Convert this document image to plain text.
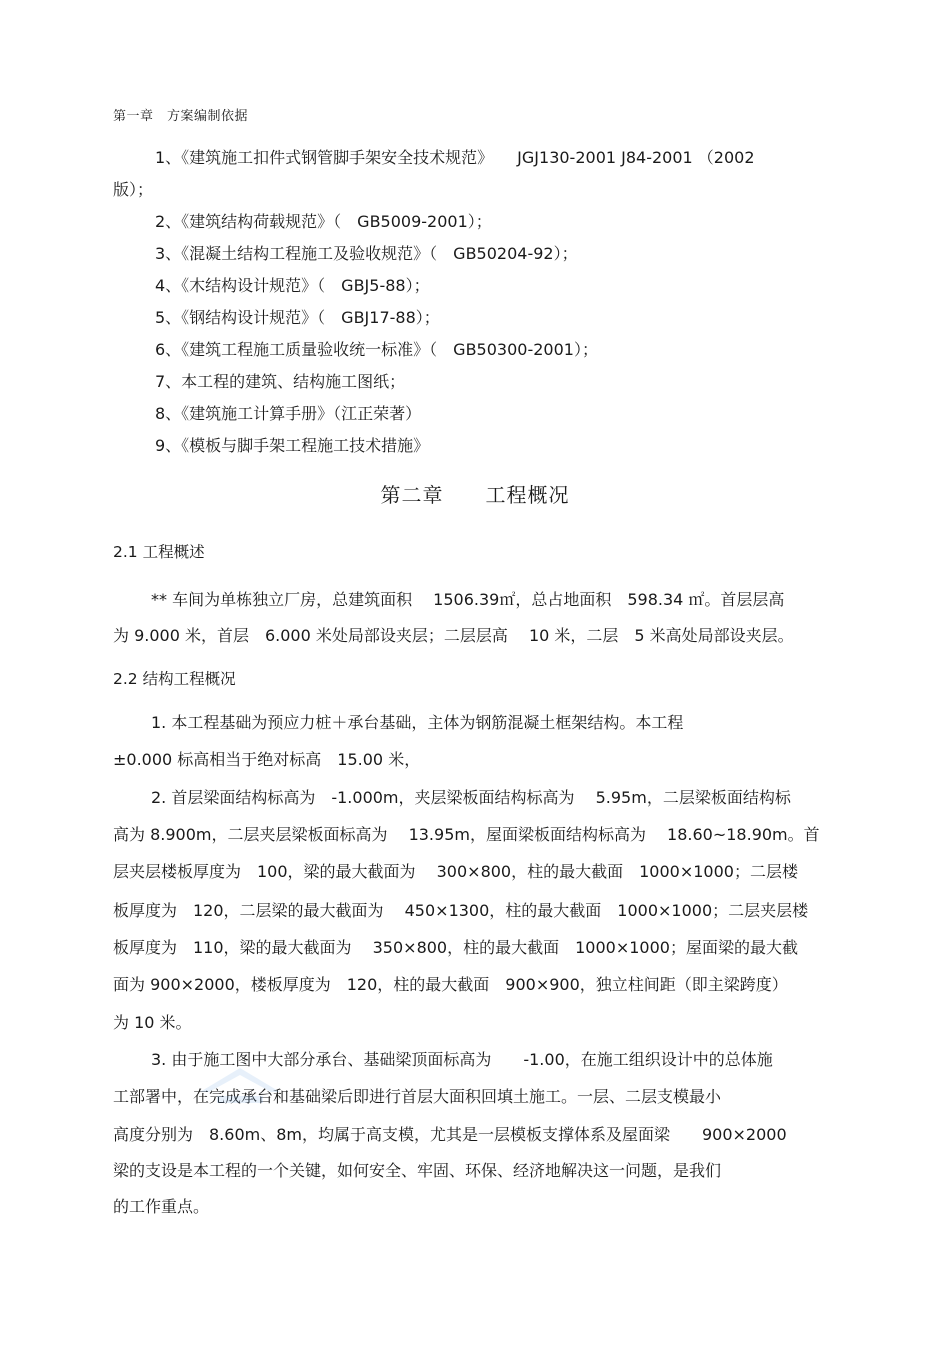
第一章　方案编制依据
1、《建筑施工扣件式钢管脚手架安全技术规范》　　JGJ130-2001 J84-2001 （2002
版）；
2、《建筑结构荷载规范》（　GB5009-2001）；
3、《混凝土结构工程施工及验收规范》（　GB50204-92）；
4、《木结构设计规范》（　GBJ5-88）；
5、《钢结构设计规范》（　GBJ17-88）；
6、《建筑工程施工质量验收统一标准》（　GB50300-2001）；
7、本工程的建筑、结构施工图纸；
8、《建筑施工计算手册》（江正荣著）
9、《模板与脚手架工程施工技术措施》
第二章　　工程概况
2.1 工程概述
** 车间为单栋独立厂房，总建筑面积　 1506.39㎡，总占地面积　598.34 ㎡。首层层高
为 9.000 米，首层　6.000 米处局部设夹层；二层层高　 10 米，二层　5 米高处局部设夹层。
2.2 结构工程概况
1. 本工程基础为预应力桩＋承台基础，主体为钢筋混凝土框架结构。本工程
±0.000 标高相当于绝对标高　15.00 米，
2. 首层梁面结构标高为　-1.000m，夹层梁板面结构标高为　 5.95m，二层梁板面结构标
高为 8.900m，二层夹层梁板面标高为　 13.95m，屋面梁板面结构标高为　 18.60~18.90m。首
层夹层楼板厚度为　100，梁的最大截面为　 300×800，柱的最大截面　1000×1000；二层楼
板厚度为　120，二层梁的最大截面为　 450×1300，柱的最大截面　1000×1000；二层夹层楼
板厚度为　110，梁的最大截面为　 350×800，柱的最大截面　1000×1000；屋面梁的最大截
面为 900×2000，楼板厚度为　120，柱的最大截面　900×900，独立柱间距（即主梁跨度）
为 10 米。
3. 由于施工图中大部分承台、基础梁顶面标高为　　-1.00，在施工组织设计中的总体施
工部署中，在完成承台和基础梁后即进行首层大面积回填土施工。一层、二层支模最小
高度分别为　8.60m、8m，均属于高支模，尤其是一层模板支撑体系及屋面梁　　900×2000
梁的支设是本工程的一个关键，如何安全、牢固、环保、经济地解决这一问题，是我们
的工作重点。
